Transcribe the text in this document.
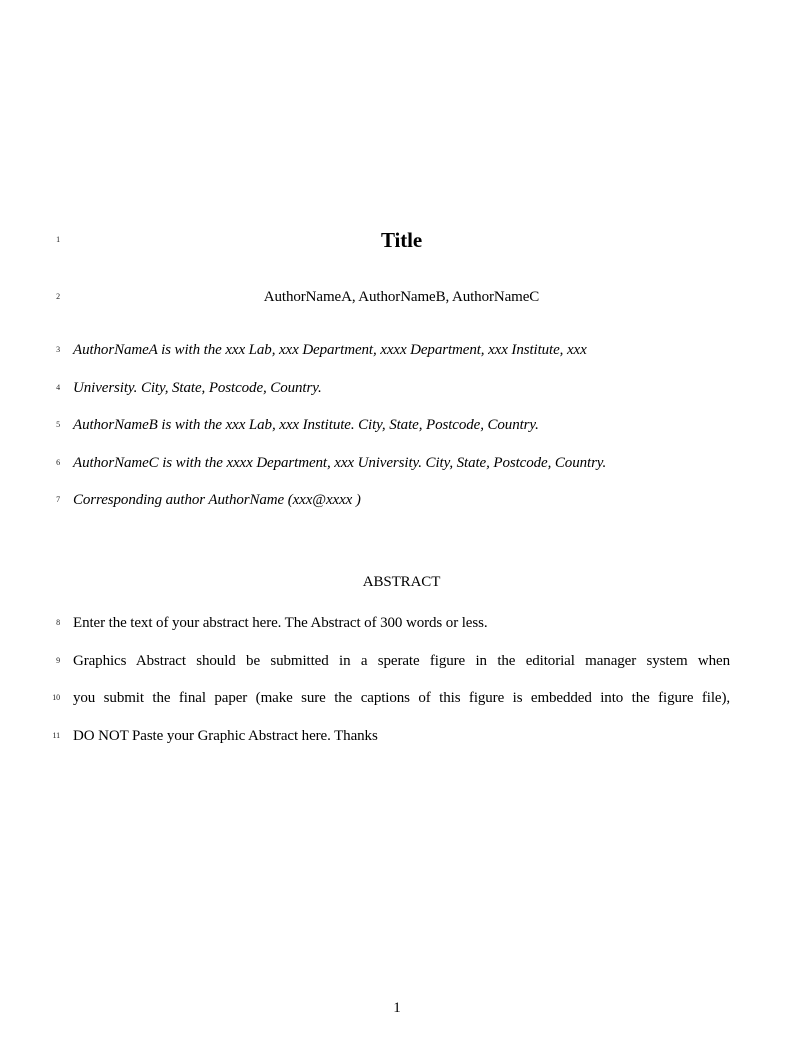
1	Title
2	AuthorNameA, AuthorNameB, AuthorNameC
3 AuthorNameA is with the xxx Lab, xxx Department, xxxx Department, xxx Institute, xxx
4 University. City, State, Postcode, Country.
5 AuthorNameB is with the xxx Lab, xxx Institute. City, State, Postcode, Country.
6 AuthorNameC is with the xxxx Department, xxx University. City, State, Postcode, Country.
7 Corresponding author AuthorName (xxx@xxxx )
ABSTRACT
8 Enter the text of your abstract here. The Abstract of 300 words or less.
9 Graphics Abstract should be submitted in a sperate figure in the editorial manager system when
10 you submit the final paper (make sure the captions of this figure is embedded into the figure file),
11 DO NOT Paste your Graphic Abstract here. Thanks
1
